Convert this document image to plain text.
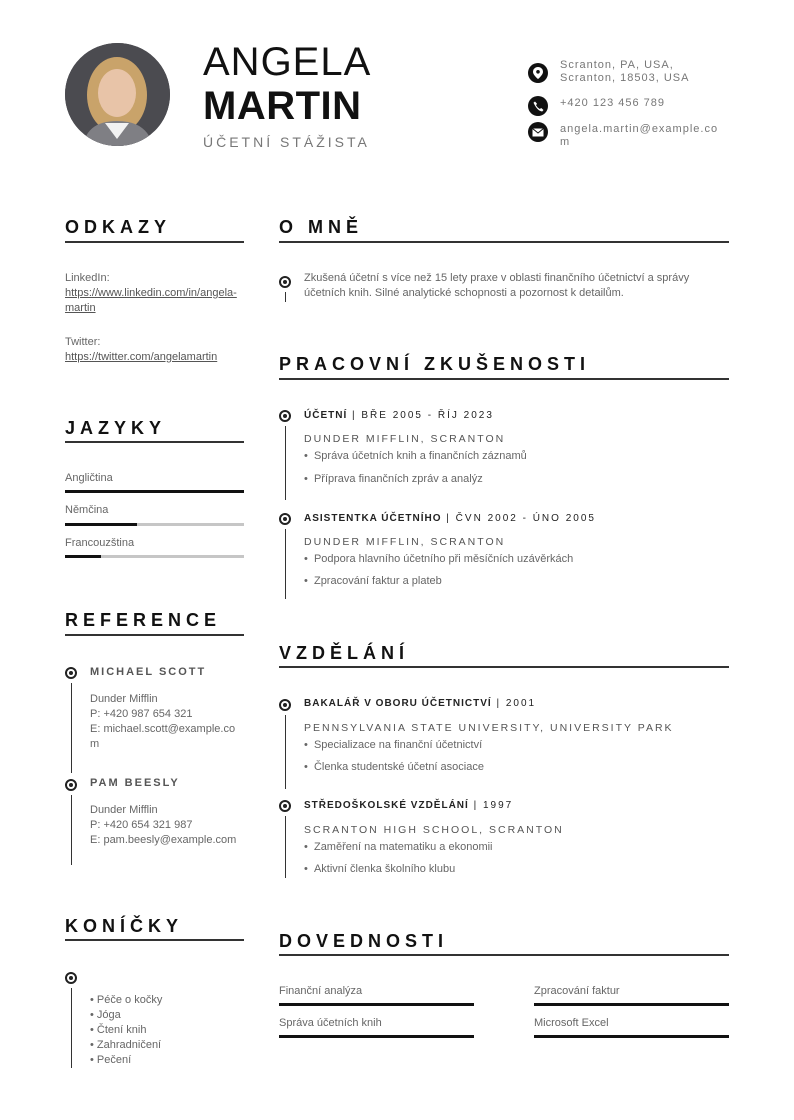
ANGELA
MARTIN
ÚČETNÍ STÁŽISTA
Scranton, PA, USA,
Scranton, 18503, USA
+420 123 456 789
angela.martin@example.com
ODKAZY
LinkedIn:
https://www.linkedin.com/in/angela-martin
Twitter:
https://twitter.com/angelamartin
JAZYKY
Angličtina
Němčina
Francouzština
REFERENCE
MICHAEL SCOTT
Dunder Mifflin
P: +420 987 654 321
E: michael.scott@example.com
PAM BEESLY
Dunder Mifflin
P: +420 654 321 987
E: pam.beesly@example.com
KONÍČKY
• Péče o kočky
• Jóga
• Čtení knih
• Zahradničení
• Pečení
O MNĚ
Zkušená účetní s více než 15 lety praxe v oblasti finančního účetnictví a správy účetních knih. Silné analytické schopnosti a pozornost k detailům.
PRACOVNÍ ZKUŠENOSTI
ÚČETNÍ | BŘE 2005 - ŘÍJ 2023
DUNDER MIFFLIN, SCRANTON
•  Správa účetních knih a finančních záznamů
•  Příprava finančních zpráv a analýz
ASISTENTKA ÚČETNÍHO | ČVN 2002 - ÚNO 2005
DUNDER MIFFLIN, SCRANTON
•  Podpora hlavního účetního při měsíčních uzávěrkách
•  Zpracování faktur a plateb
VZDĚLÁNÍ
BAKALÁŘ V OBORU ÚČETNICTVÍ | 2001
PENNSYLVANIA STATE UNIVERSITY, UNIVERSITY PARK
•  Specializace na finanční účetnictví
•  Členka studentské účetní asociace
STŘEDOŠKOLSKÉ VZDĚLÁNÍ | 1997
SCRANTON HIGH SCHOOL, SCRANTON
•  Zaměření na matematiku a ekonomii
•  Aktivní členka školního klubu
DOVEDNOSTI
Finanční analýza	Zpracování faktur
Správa účetních knih	Microsoft Excel
